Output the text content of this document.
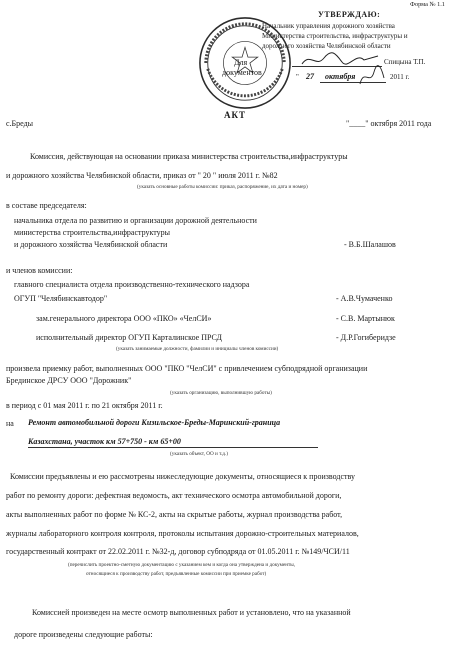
Форма № 1.1
УТВЕРЖДАЮ:
Начальник управления дорожного хозяйства
Министерства строительства, инфраструктуры и
дорожного хозяйства Челябинской области
Спицына Т.П.
" 27 октября	2011 г.
Для
документов
АКТ
с.Бреды	"____" октября 2011 года
Комиссия, действующая на основании приказа министерства строительства,инфраструктуры
и дорожного хозяйства Челябинской области, приказ от " 20 " июля 2011 г. №82
(указать основные работы комиссии: приказ, распоряжение, их дата и номер)
в составе председателя:
начальника отдела по развитию и организации дорожной деятельности
министерства строительства,инфраструктуры
и дорожного хозяйства Челябинской области	- В.Б.Шалашов
и членов комиссии:
главного специалиста отдела производственно-технического надзора
ОГУП "Челябинскавтодор"	- А.В.Чумаченко
зам.генерального директора ООО «ПКО» «ЧелСИ»	- С.В. Мартынюк
исполнительный директор ОГУП Карталинское ПРСД	- Д.Р.Гогиберидзе
(указать занимаемые должности, фамилии и инициалы членов комиссии)
произвела приемку работ, выполненных ООО "ПКО "ЧелСИ" с привлечением субподрядной организации
Брединское ДРСУ ООО "Дорожник"
(указать организацию, выполнившую работы)
в период с 01 мая 2011 г. по 21 октября 2011 г.
на Ремонт автомобильной дороги Кизильское-Бреды-Маринский-граница
Казахстана, участок км 57+750 - км 65+00
(указать объект, ОО и т.д.)
Комиссии предъявлены и ею рассмотрены нижеследующие документы, относящиеся к производству
работ по ремонту дороги: дефектная ведомость, акт технического осмотра автомобильной дороги,
акты выполненных работ по форме № КС-2, акты на скрытые работы, журнал производства работ,
журналы лабораторного контроля контроля, протоколы испытания дорожно-строительных материалов,
государственный контракт от 22.02.2011 г. №32-д, договор субподряда от 01.05.2011 г. №149/ЧСИ/11
(перечислить проектно-сметную документацию с указанием кем и когда она утверждена и документы,
относящиеся к производству работ, предъявленные комиссии при приемке работ)
Комиссией произведен на месте осмотр выполненных работ и установлено, что на указанной
дороге произведены следующие работы:
